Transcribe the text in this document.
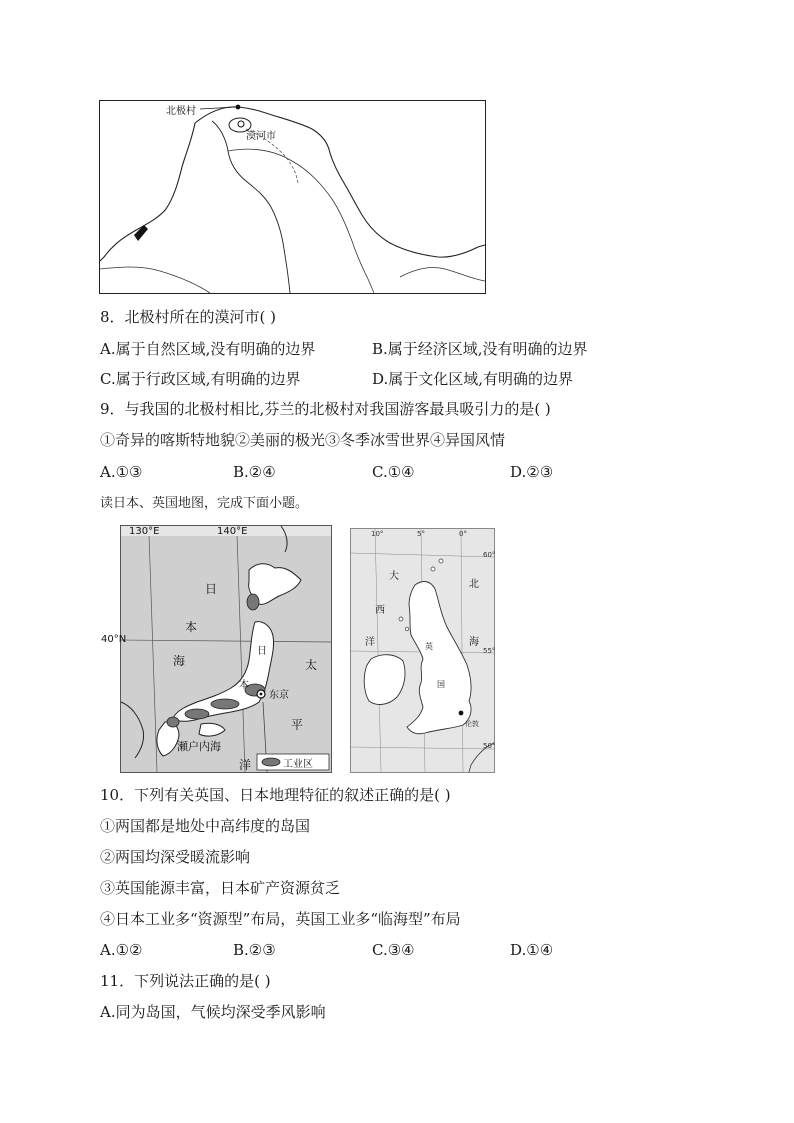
北极村
漠河市
8．北极村所在的漠河市( )
A.属于自然区域,没有明确的边界	B.属于经济区域,没有明确的边界
C.属于行政区域,有明确的边界	D.属于文化区域,有明确的边界
9．与我国的北极村相比,芬兰的北极村对我国游客最具吸引力的是( )
①奇异的喀斯特地貌②美丽的极光③冬季冰雪世界④异国风情
A.①③	B.②④	C.①④	D.②③
读日本、英国地图，完成下面小题。
130°E	140°E
40°N
日
本
海
日
本
太
平
洋
东京
瀬户内海
工业区
10°	5°	0°
60°
55°
50°
大
西
洋
北
海
英
国
伦敦
10．下列有关英国、日本地理特征的叙述正确的是( )
①两国都是地处中高纬度的岛国
②两国均深受暖流影响
③英国能源丰富，日本矿产资源贫乏
④日本工业多“资源型”布局，英国工业多“临海型”布局
A.①②	B.②③	C.③④	D.①④
11．下列说法正确的是( )
A.同为岛国，气候均深受季风影响
